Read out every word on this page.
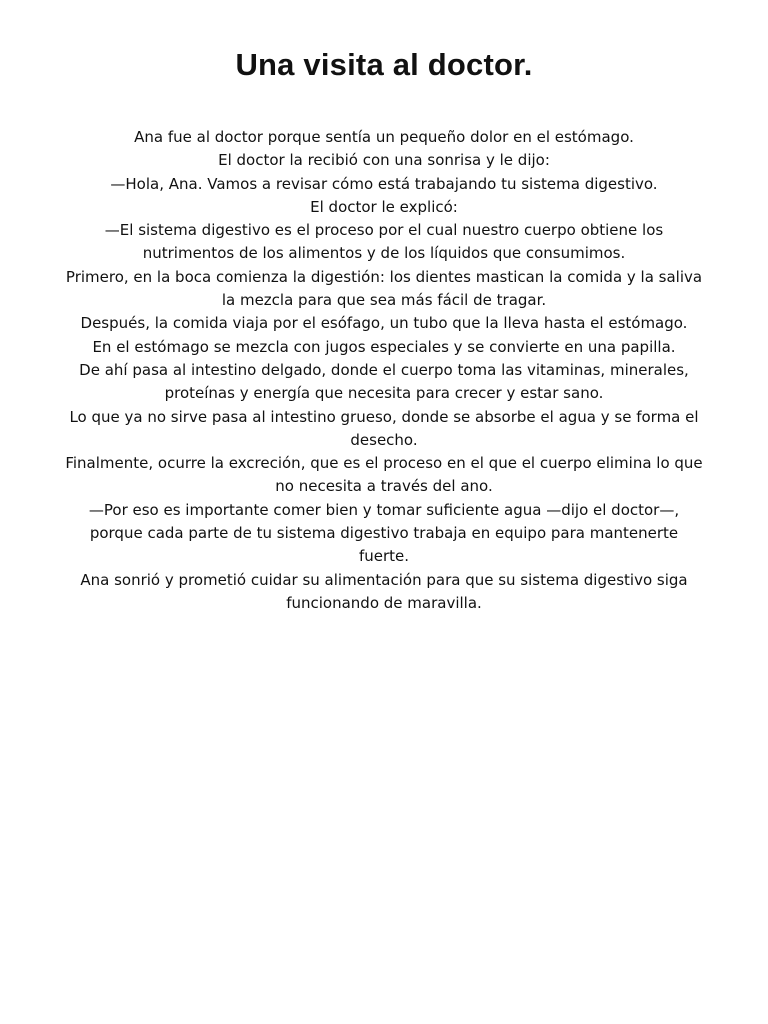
Una visita al doctor.
Ana fue al doctor porque sentía un pequeño dolor en el estómago.
El doctor la recibió con una sonrisa y le dijo:
—Hola, Ana. Vamos a revisar cómo está trabajando tu sistema digestivo.
El doctor le explicó:
—El sistema digestivo es el proceso por el cual nuestro cuerpo obtiene los
nutrimentos de los alimentos y de los líquidos que consumimos.
Primero, en la boca comienza la digestión: los dientes mastican la comida y la saliva
la mezcla para que sea más fácil de tragar.
Después, la comida viaja por el esófago, un tubo que la lleva hasta el estómago.
En el estómago se mezcla con jugos especiales y se convierte en una papilla.
De ahí pasa al intestino delgado, donde el cuerpo toma las vitaminas, minerales,
proteínas y energía que necesita para crecer y estar sano.
Lo que ya no sirve pasa al intestino grueso, donde se absorbe el agua y se forma el
desecho.
Finalmente, ocurre la excreción, que es el proceso en el que el cuerpo elimina lo que
no necesita a través del ano.
—Por eso es importante comer bien y tomar suficiente agua —dijo el doctor—,
porque cada parte de tu sistema digestivo trabaja en equipo para mantenerte
fuerte.
Ana sonrió y prometió cuidar su alimentación para que su sistema digestivo siga
funcionando de maravilla.
